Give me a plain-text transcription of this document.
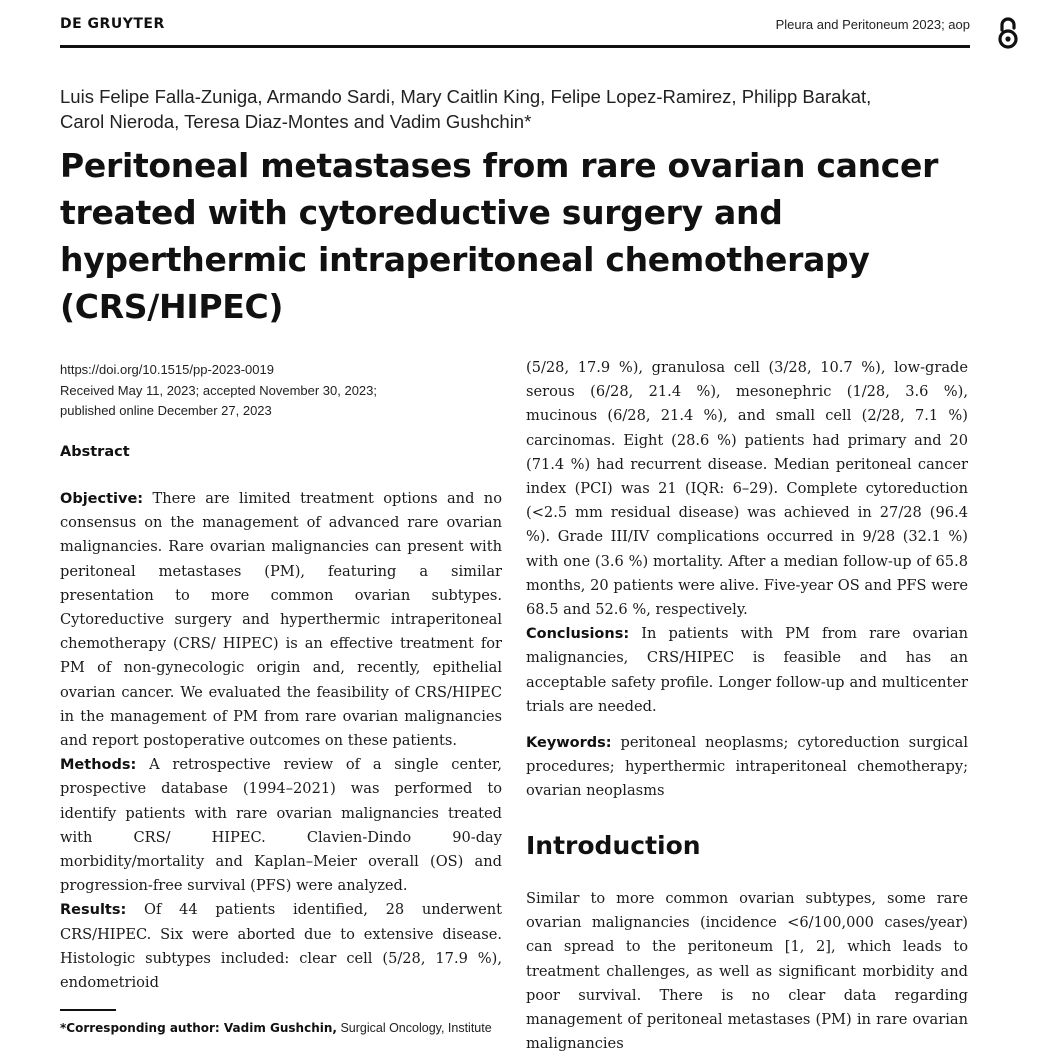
DE GRUYTER	Pleura and Peritoneum 2023; aop
Luis Felipe Falla-Zuniga, Armando Sardi, Mary Caitlin King, Felipe Lopez-Ramirez, Philipp Barakat,
Carol Nieroda, Teresa Diaz-Montes and Vadim Gushchin*
Peritoneal metastases from rare ovarian cancer treated with cytoreductive surgery and hyperthermic intraperitoneal chemotherapy (CRS/HIPEC)
https://doi.org/10.1515/pp-2023-0019
Received May 11, 2023; accepted November 30, 2023;
published online December 27, 2023
Abstract

Objective: There are limited treatment options and no consensus on the management of advanced rare ovarian malignancies. Rare ovarian malignancies can present with peritoneal metastases (PM), featuring a similar presentation to more common ovarian subtypes. Cytoreductive surgery and hyperthermic intraperitoneal chemotherapy (CRS/ HIPEC) is an effective treatment for PM of non-gynecologic origin and, recently, epithelial ovarian cancer. We evaluated the feasibility of CRS/HIPEC in the management of PM from rare ovarian malignancies and report postoperative outcomes on these patients.

Methods: A retrospective review of a single center, prospective database (1994–2021) was performed to identify patients with rare ovarian malignancies treated with CRS/ HIPEC. Clavien-Dindo 90-day morbidity/mortality and Kaplan–Meier overall (OS) and progression-free survival (PFS) were analyzed.

Results: Of 44 patients identified, 28 underwent CRS/HIPEC. Six were aborted due to extensive disease. Histologic subtypes included: clear cell (5/28, 17.9 %), endometrioid

(5/28, 17.9 %), granulosa cell (3/28, 10.7 %), low-grade serous (6/28, 21.4 %), mesonephric (1/28, 3.6 %), mucinous (6/28, 21.4 %), and small cell (2/28, 7.1 %) carcinomas. Eight (28.6 %) patients had primary and 20 (71.4 %) had recurrent disease. Median peritoneal cancer index (PCI) was 21 (IQR: 6–29). Complete cytoreduction (<2.5 mm residual disease) was achieved in 27/28 (96.4 %). Grade III/IV complications occurred in 9/28 (32.1 %) with one (3.6 %) mortality. After a median follow-up of 65.8 months, 20 patients were alive. Five-year OS and PFS were 68.5 and 52.6 %, respectively.

Conclusions: In patients with PM from rare ovarian malignancies, CRS/HIPEC is feasible and has an acceptable safety profile. Longer follow-up and multicenter trials are needed.

Keywords: peritoneal neoplasms; cytoreduction surgical procedures; hyperthermic intraperitoneal chemotherapy; ovarian neoplasms

Introduction

Similar to more common ovarian subtypes, some rare ovarian malignancies (incidence <6/100,000 cases/year) can spread to the peritoneum [1, 2], which leads to treatment challenges, as well as significant morbidity and poor survival. There is no clear data regarding management of peritoneal metastases (PM) in rare ovarian malignancies

*Corresponding author: Vadim Gushchin, Surgical Oncology, Institute
